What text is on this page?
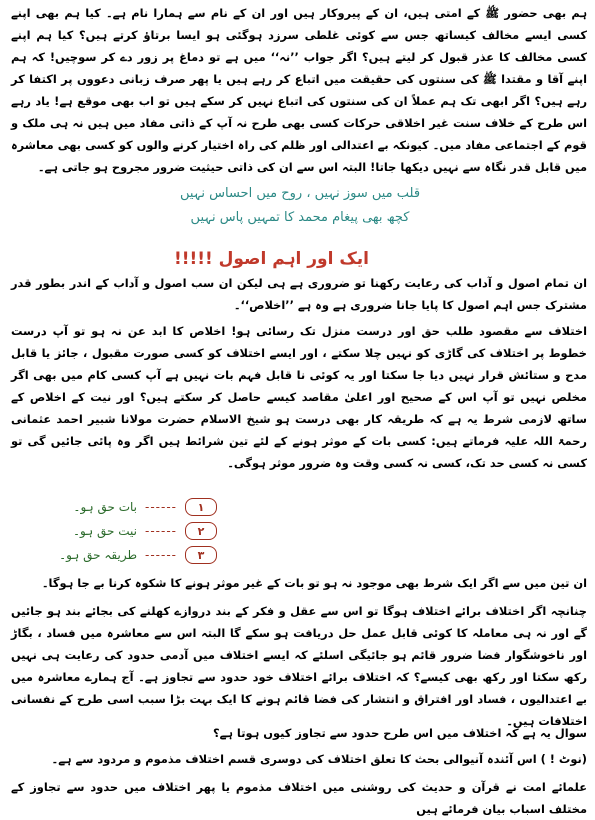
ہم بھی حضور ﷺ کے امتی ہیں، ان کے پیروکار ہیں اور ان کے نام سے ہمارا نام ہے۔ کیا ہم بھی اپنے کسی ایسے مخالف کیساتھ جس سے کوئی غلطی سرزد ہوگئی ہو ایسا برتاؤ کرتے ہیں؟ کیا ہم اپنے کسی مخالف کا عذر قبول کر لیتے ہیں؟ اگر جواب ’’نہ‘‘ میں ہے تو دماغ پر زور دے کر سوچیں! کہ ہم اپنے آقا و مقتدا ﷺ کی سنتوں کی حقیقت میں اتباع کر رہے ہیں یا پھر صرف زبانی دعووں پر اکتفا کر رہے ہیں؟ اگر ابھی تک ہم عملاً ان کی سنتوں کی اتباع نہیں کر سکے ہیں تو اب بھی موقع ہے! یاد رہے اس طرح کے خلاف سنت غیر اخلاقی حرکات کسی بھی طرح نہ آپ کے ذاتی مفاد میں ہیں نہ ہی ملک و قوم کے اجتماعی مفاد میں۔ کیونکہ بے اعتدالی اور ظلم کی راہ اختیار کرنے والوں کو کسی بھی معاشرہ میں قابل قدر نگاہ سے نہیں دیکھا جاتا! البتہ اس سے ان کی ذاتی حیثیت ضرور مجروح ہو جاتی ہے۔

قلب میں سوز نہیں ، روح میں احساس نہیں
کچھ بھی پیغام محمد کا تمہیں پاس نہیں
ایک اور اہم اصول !!!!!

ان تمام اصول و آداب کی رعایت رکھنا تو ضروری ہے ہی لیکن ان سب اصول و آداب کے اندر بطور قدر مشترک جس اہم اصول کا پایا جانا ضروری ہے وہ ہے ’’اخلاص‘‘۔

اختلاف سے مقصود طلب حق اور درست منزل تک رسائی ہو! اخلاص کا ابد عن نہ ہو تو آپ درست خطوط پر اختلاف کی گاڑی کو نہیں چلا سکتے ، اور ایسے اختلاف کو کسی صورت مقبول ، جائز یا قابل مدح و ستائش قرار نہیں دیا جا سکتا اور یہ کوئی نا قابل فہم بات نہیں ہے آپ کسی کام میں بھی اگر مخلص نہیں تو آپ اس کے صحیح اور اعلیٰ مقاصد کیسے حاصل کر سکتے ہیں؟ اور نیت کے اخلاص کے ساتھ لازمی شرط یہ ہے کہ طریقہ کار بھی درست ہو شیخ الاسلام حضرت مولانا شبیر احمد عثمانی رحمۃ اللہ علیہ فرماتے ہیں: کسی بات کے موثر ہونے کے لئے تین شرائط ہیں اگر وہ پائی جائیں گی تو کسی نہ کسی حد تک، کسی نہ کسی وقت وہ ضرور موثر ہوگی۔

۱
------
بات حق ہو۔
۲
------
نیت حق ہو۔
۳
------
طریقہ حق ہو۔

ان تین میں سے اگر ایک شرط بھی موجود نہ ہو تو بات کے غیر موثر ہونے کا شکوہ کرنا بے جا ہوگا۔

چنانچہ اگر اختلاف برائے اختلاف ہوگا تو اس سے عقل و فکر کے بند دروازے کھلنے کی بجائے بند ہو جائیں گے اور نہ ہی معاملہ کا کوئی قابل عمل حل دریافت ہو سکے گا البتہ اس سے معاشرہ میں فساد ، بگاڑ اور ناخوشگوار فضا ضرور قائم ہو جائیگی اسلئے کہ ایسے اختلاف میں آدمی حدود کی رعایت ہی نہیں رکھ سکتا اور رکھ بھی کیسے؟ کہ اختلاف برائے اختلاف خود حدود سے تجاوز ہے۔ آج ہمارے معاشرہ میں بے اعتدالیوں ، فساد اور افتراق و انتشار کی فضا قائم ہونے کا ایک بہت بڑا سبب اسی طرح کے نفسانی اختلافات ہیں۔

سوال یہ ہے کہ اختلاف میں اس طرح حدود سے تجاوز کیوں ہوتا ہے؟

(نوٹ ! ) اس آئندہ آنیوالی بحث کا تعلق اختلاف کی دوسری قسم اختلاف مذموم و مردود سے ہے۔

علمائے امت نے قرآن و حدیث کی روشنی میں اختلاف مذموم یا پھر اختلاف میں حدود سے تجاوز کے مختلف اسباب بیان فرمائے ہیں
